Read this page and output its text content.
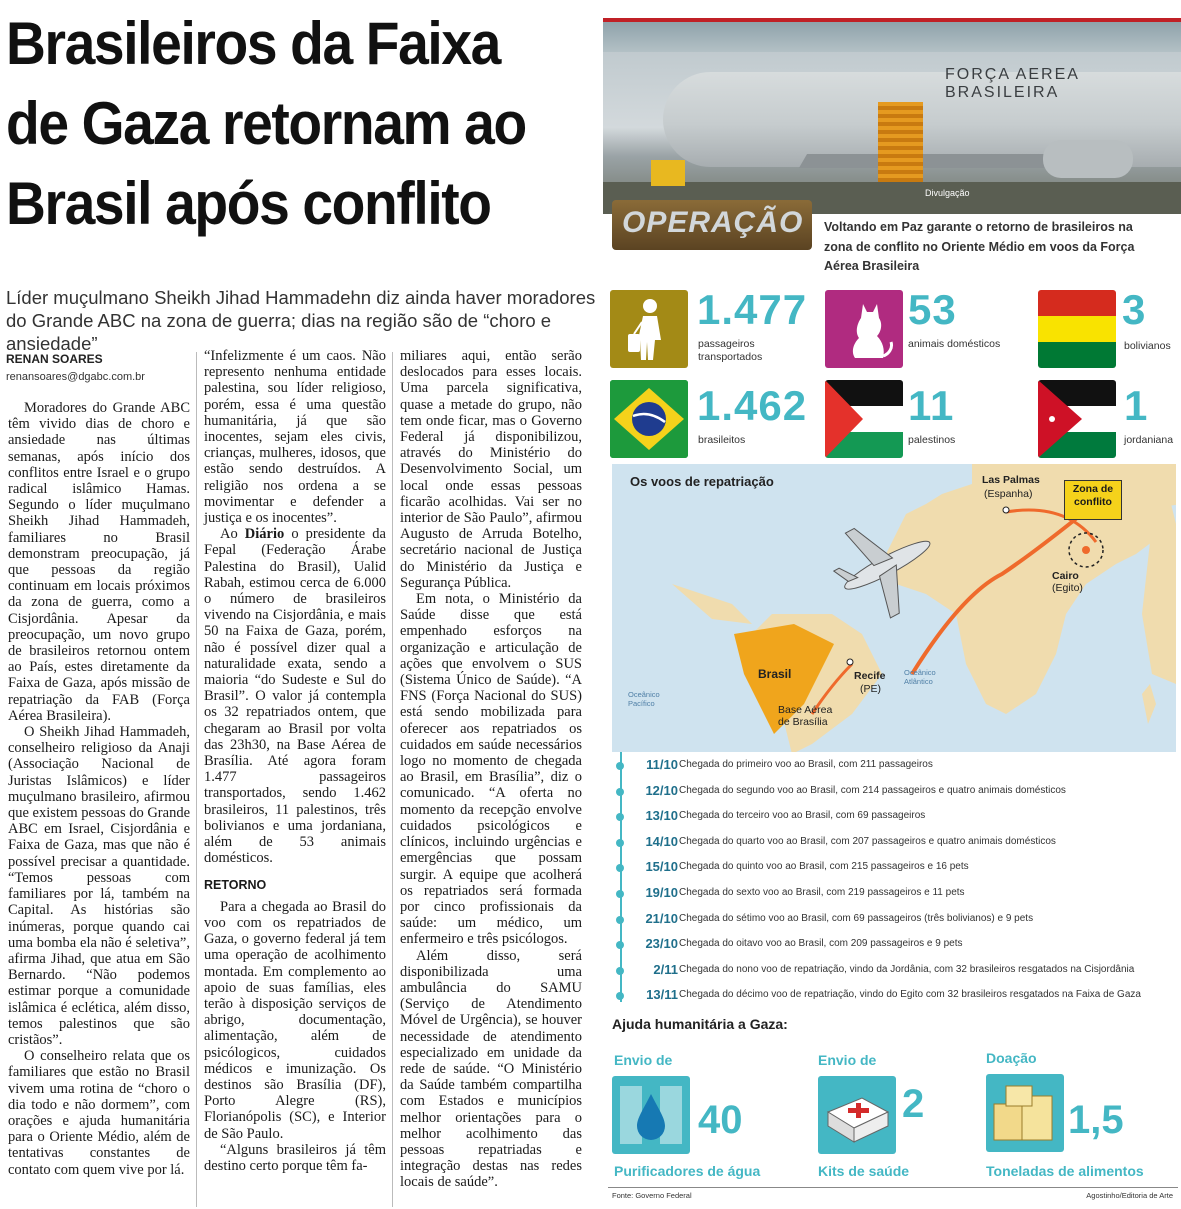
Brasileiros da Faixa
de Gaza retornam ao
Brasil após conflito
Líder muçulmano Sheikh Jihad Hammadehn diz ainda haver moradores do Grande ABC na zona de guerra; dias na região são de “choro e ansiedade”
RENAN SOARES
renansoares@dgabc.com.br

Moradores do Grande ABC têm vivido dias de choro e ansiedade nas últimas semanas, após início dos conflitos entre Israel e o grupo radical islâmico Hamas. Segundo o líder muçulmano Sheikh Jihad Hammadeh, familiares no Brasil demonstram preocupação, já que pessoas da região continuam em locais próximos da zona de guerra, como a Cisjordânia. Apesar da preocupação, um novo grupo de brasileiros retornou ontem ao País, estes diretamente da Faixa de Gaza, após missão de repatriação da FAB (Força Aérea Brasileira).

O Sheikh Jihad Hammadeh, conselheiro religioso da Anaji (Associação Nacional de Juristas Islâmicos) e líder muçulmano brasileiro, afirmou que existem pessoas do Grande ABC em Israel, Cisjordânia e Faixa de Gaza, mas que não é possível precisar a quantidade. “Temos pessoas com familiares por lá, também na Capital. As histórias são inúmeras, porque quando cai uma bomba ela não é seletiva”, afirma Jihad, que atua em São Bernardo. “Não podemos estimar porque a comunidade islâmica é eclética, além disso, temos palestinos que são cristãos”.

O conselheiro relata que os familiares que estão no Brasil vivem uma rotina de “choro o dia todo e não dormem”, com orações e ajuda humanitária para o Oriente Médio, além de tentativas constantes de contato com quem vive por lá.

“Infelizmente é um caos. Não represento nenhuma entidade palestina, sou líder religioso, porém, essa é uma questão humanitária, já que são inocentes, sejam eles civis, crianças, mulheres, idosos, que estão sendo destruídos. A religião nos ordena a se movimentar e defender a justiça e os inocentes”.

Ao Diário o presidente da Fepal (Federação Árabe Palestina do Brasil), Ualid Rabah, estimou cerca de 6.000 o número de brasileiros vivendo na Cisjordânia, e mais 50 na Faixa de Gaza, porém, não é possível dizer qual a naturalidade exata, sendo a maioria “do Sudeste e Sul do Brasil”. O valor já contempla os 32 repatriados ontem, que chegaram ao Brasil por volta das 23h30, na Base Aérea de Brasília. Até agora foram 1.477 passageiros transportados, sendo 1.462 brasileiros, 11 palestinos, três bolivianos e uma jordaniana, além de 53 animais domésticos.

RETORNO

Para a chegada ao Brasil do voo com os repatriados de Gaza, o governo federal já tem uma operação de acolhimento montada. Em complemento ao apoio de suas famílias, eles terão à disposição serviços de abrigo, documentação, alimentação, além de psicólogicos, cuidados médicos e imunização. Os destinos são Brasília (DF), Porto Alegre (RS), Florianópolis (SC), e Interior de São Paulo.

“Alguns brasileiros já têm destino certo porque têm fa-

miliares aqui, então serão deslocados para esses locais. Uma parcela significativa, quase a metade do grupo, não tem onde ficar, mas o Governo Federal já disponibilizou, através do Ministério do Desenvolvimento Social, um local onde essas pessoas ficarão acolhidas. Vai ser no interior de São Paulo”, afirmou Augusto de Arruda Botelho, secretário nacional de Justiça do Ministério da Justiça e Segurança Pública.

Em nota, o Ministério da Saúde disse que está empenhado esforços na organização e articulação de ações que envolvem o SUS (Sistema Único de Saúde). “A FNS (Força Nacional do SUS) está sendo mobilizada para oferecer aos repatriados os cuidados em saúde necessários logo no momento de chegada ao Brasil, em Brasília”, diz o comunicado. “A oferta no momento da recepção envolve cuidados psicológicos e clínicos, incluindo urgências e emergências que possam surgir. A equipe que acolherá os repatriados será formada por cinco profissionais da saúde: um médico, um enfermeiro e três psicólogos.

Além disso, será disponibilizada uma ambulância do SAMU (Serviço de Atendimento Móvel de Urgência), se houver necessidade de atendimento especializado em unidade da rede de saúde. “O Ministério da Saúde também compartilha com Estados e municípios melhor orientações para o melhor acolhimento das pessoas repatriadas e integração destas nas redes locais de saúde”.

FORÇA AEREA BRASILEIRA
Divulgação
OPERAÇÃO Voltando em Paz garante o retorno de brasileiros na zona de conflito no Oriente Médio em voos da Força Aérea Brasileira
1.477
passageiros transportados
53
animais domésticos
3
bolivianos
1.462
brasileitos
11
palestinos
1
jordaniana
Os voos de repatriação	Las Palmas
(Espanha)	Zona de conflito
Cairo
(Egito)
Brasil	Recife
(PE)
Base Aérea de Brasília
Oceânico Pacífico
Oceânico Atlântico
11/10 Chegada do primeiro voo ao Brasil, com 211 passageiros
12/10 Chegada do segundo voo ao Brasil, com 214 passageiros e quatro animais domésticos
13/10 Chegada do terceiro voo ao Brasil, com 69 passageiros
14/10 Chegada do quarto voo ao Brasil, com 207 passageiros e quatro animais domésticos
15/10 Chegada do quinto voo ao Brasil, com 215 passageiros e 16 pets
19/10 Chegada do sexto voo ao Brasil, com 219 passageiros e 11 pets
21/10 Chegada do sétimo voo ao Brasil, com 69 passageiros (três bolivianos) e 9 pets
23/10 Chegada do oitavo voo ao Brasil, com 209 passageiros e 9 pets
2/11 Chegada do nono voo de repatriação, vindo da Jordânia, com 32 brasileiros resgatados na Cisjordânia
13/11 Chegada do décimo voo de repatriação, vindo do Egito com 32 brasileiros resgatados na Faixa de Gaza
Ajuda humanitária a Gaza:
Envio de
40
Purificadores de água
Envio de
2
Kits de saúde
Doação
1,5
Toneladas de alimentos
Fonte: Governo Federal	Agostinho/Editoria de Arte
